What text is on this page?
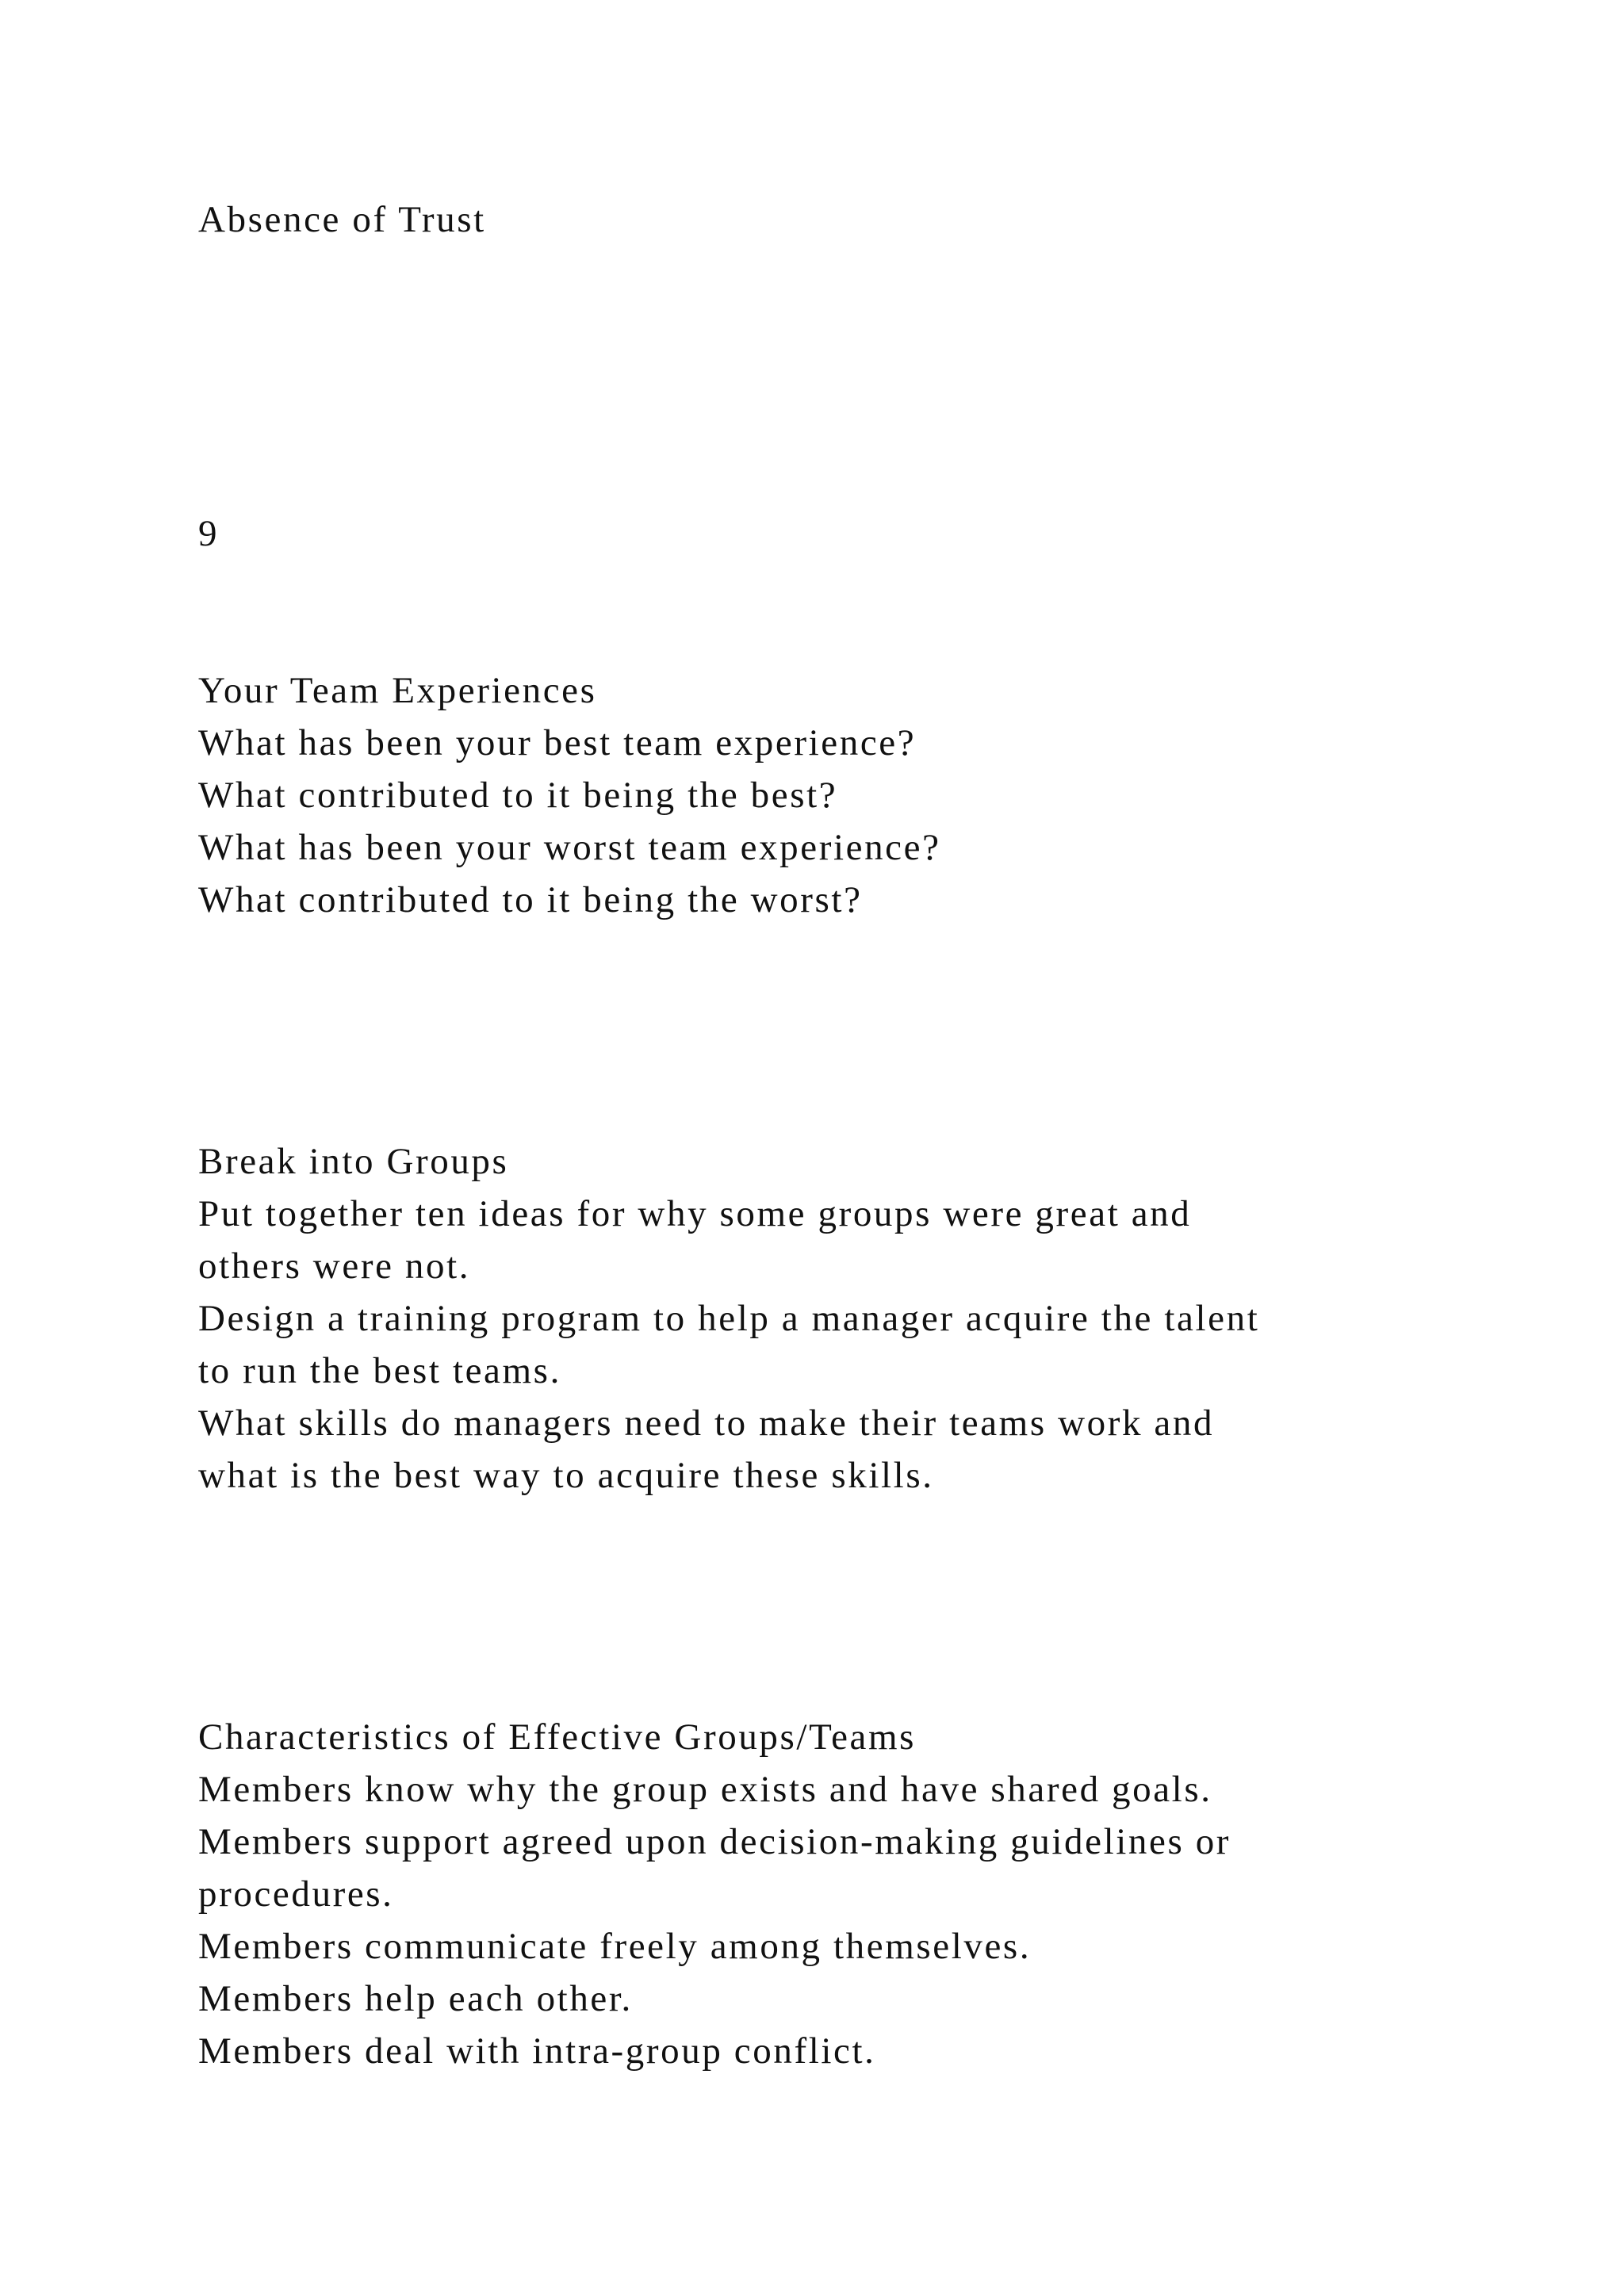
Absence of Trust

9

Your Team Experiences

What has been your best team experience?

What contributed to it being the best?

What has been your worst team experience?

What contributed to it being the worst?

Break into Groups

Put together ten ideas for why some groups were great and

others were not.

Design a training program to help a manager acquire the talent

to run the best teams.

What skills do managers need to make their teams work and

what is the best way to acquire these skills.

Characteristics of Effective Groups/Teams

Members know why the group exists and have shared goals.

Members support agreed upon decision-making guidelines or

procedures.

Members communicate freely among themselves.

Members help each other.

Members deal with intra-group conflict.
